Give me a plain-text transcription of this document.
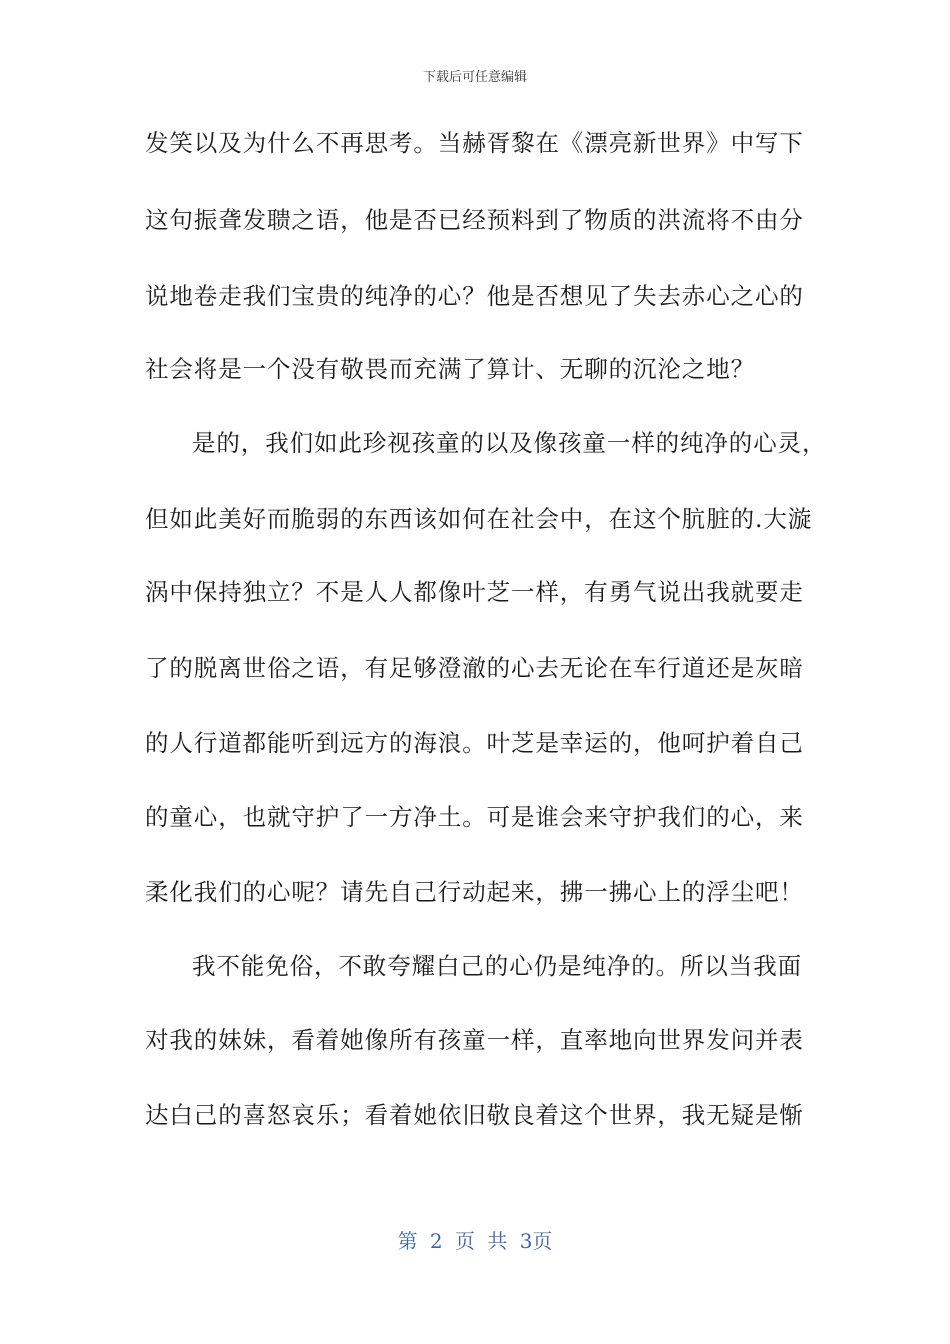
下载后可任意编辑
发笑以及为什么不再思考。当赫胥黎在《漂亮新世界》中写下
这句振聋发聩之语，他是否已经预料到了物质的洪流将不由分
说地卷走我们宝贵的纯净的心？他是否想见了失去赤心之心的
社会将是一个没有敬畏而充满了算计、无聊的沉沦之地？
是的，我们如此珍视孩童的以及像孩童一样的纯净的心灵，
但如此美好而脆弱的东西该如何在社会中，在这个肮脏的.大漩
涡中保持独立？不是人人都像叶芝一样，有勇气说出我就要走
了的脱离世俗之语，有足够澄澈的心去无论在车行道还是灰暗
的人行道都能听到远方的海浪。叶芝是幸运的，他呵护着自己
的童心，也就守护了一方净土。可是谁会来守护我们的心，来
柔化我们的心呢？请先自己行动起来，拂一拂心上的浮尘吧！
我不能免俗，不敢夸耀白己的心仍是纯净的。所以当我面
对我的妹妹，看着她像所有孩童一样，直率地向世界发问并表
达白己的喜怒哀乐；看着她依旧敬良着这个世界，我无疑是惭
第 2 页 共 3页
